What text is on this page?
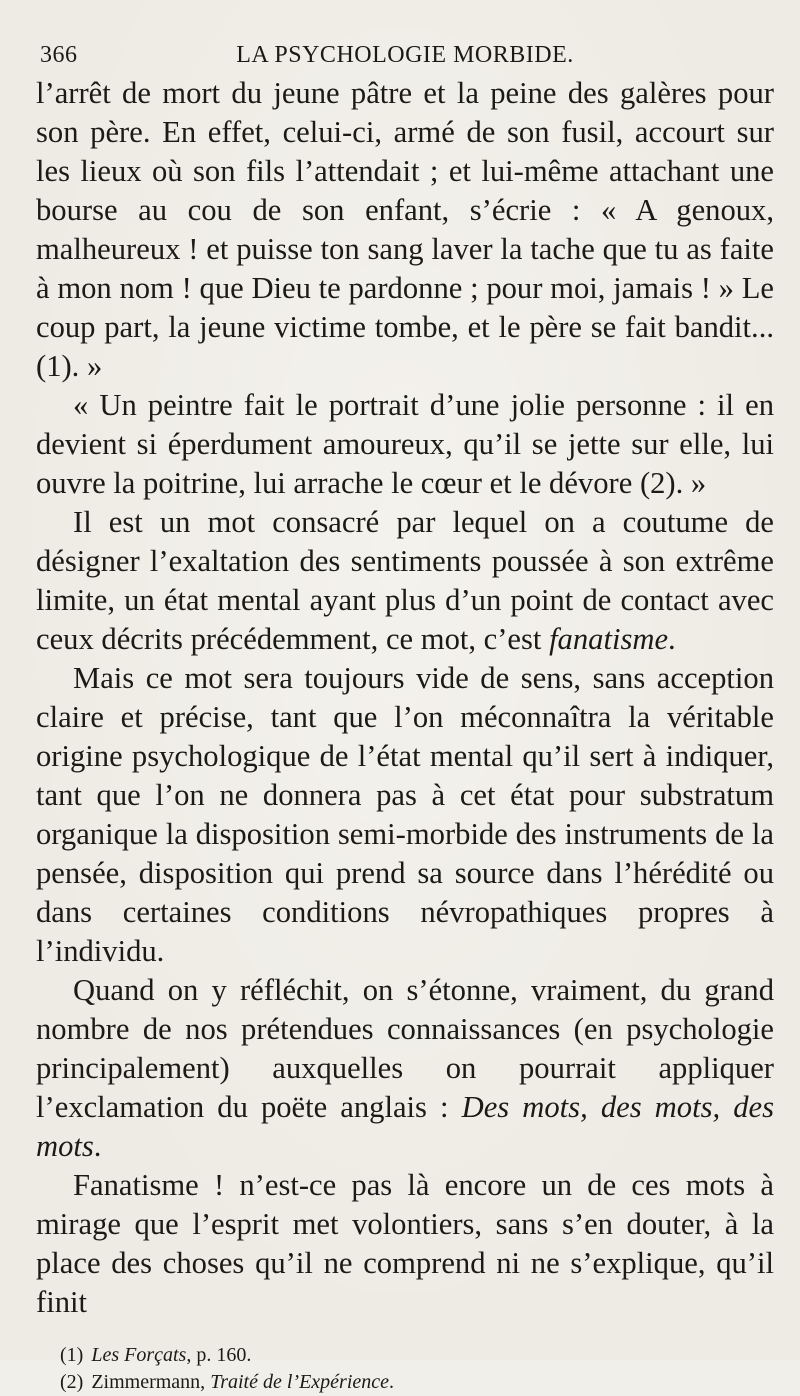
366	LA PSYCHOLOGIE MORBIDE.

l’arrêt de mort du jeune pâtre et la peine des galères pour son père. En effet, celui-ci, armé de son fusil, accourt sur les lieux où son fils l’attendait ; et lui-même attachant une bourse au cou de son enfant, s’écrie : « A genoux, malheureux ! et puisse ton sang laver la tache que tu as faite à mon nom ! que Dieu te pardonne ; pour moi, jamais ! » Le coup part, la jeune victime tombe, et le père se fait bandit... (1). »

« Un peintre fait le portrait d’une jolie personne : il en devient si éperdument amoureux, qu’il se jette sur elle, lui ouvre la poitrine, lui arrache le cœur et le dévore (2). »

Il est un mot consacré par lequel on a coutume de désigner l’exaltation des sentiments poussée à son extrême limite, un état mental ayant plus d’un point de contact avec ceux décrits précédemment, ce mot, c’est fanatisme.

Mais ce mot sera toujours vide de sens, sans acception claire et précise, tant que l’on méconnaîtra la véritable origine psychologique de l’état mental qu’il sert à indiquer, tant que l’on ne donnera pas à cet état pour substratum organique la disposition semi-morbide des instruments de la pensée, disposition qui prend sa source dans l’hérédité ou dans certaines conditions névropathiques propres à l’individu.

Quand on y réfléchit, on s’étonne, vraiment, du grand nombre de nos prétendues connaissances (en psychologie principalement) auxquelles on pourrait appliquer l’exclamation du poëte anglais : Des mots, des mots, des mots.

Fanatisme ! n’est-ce pas là encore un de ces mots à mirage que l’esprit met volontiers, sans s’en douter, à la place des choses qu’il ne comprend ni ne s’explique, qu’il finit

(1) Les Forçats, p. 160.
(2) Zimmermann, Traité de l’Expérience.
